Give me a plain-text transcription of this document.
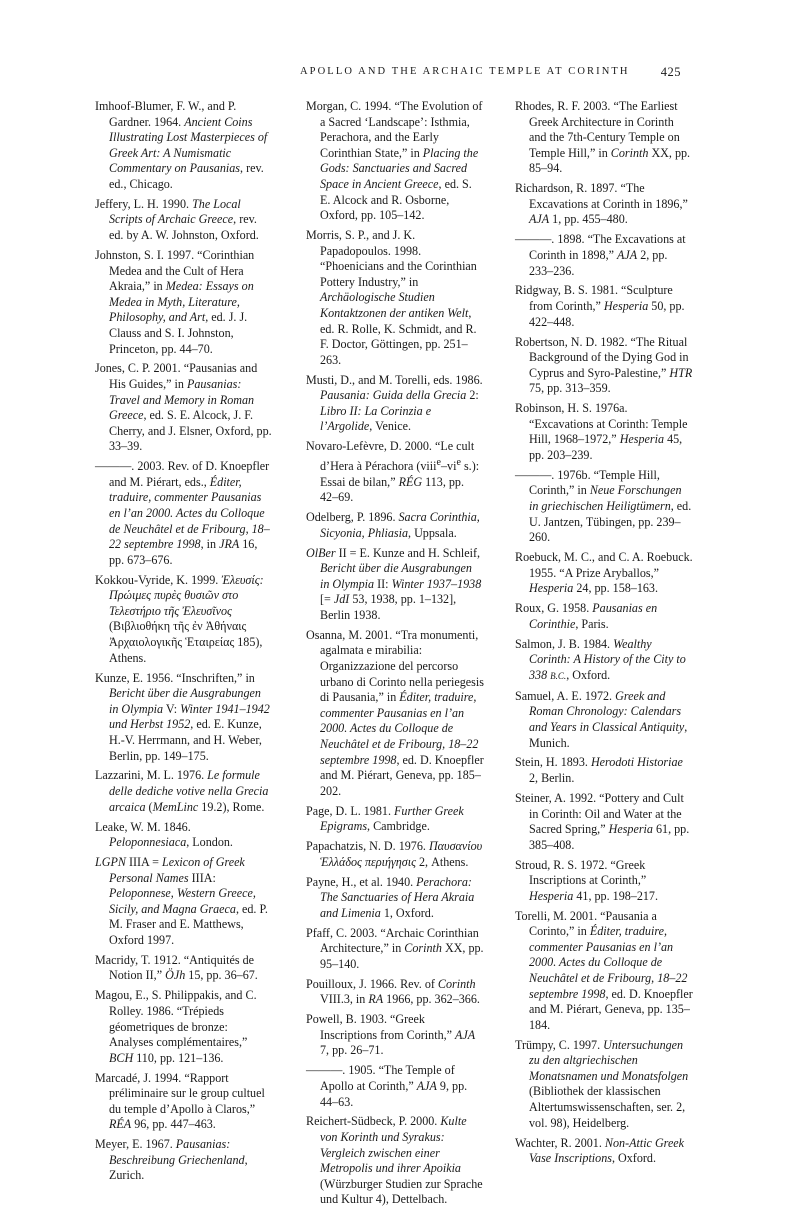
APOLLO AND THE ARCHAIC TEMPLE AT CORINTH 425

Imhoof-Blumer, F. W., and P. Gardner. 1964. Ancient Coins Illustrating Lost Masterpieces of Greek Art: A Numismatic Commentary on Pausanias, rev. ed., Chicago.

Jeffery, L. H. 1990. The Local Scripts of Archaic Greece, rev. ed. by A. W. Johnston, Oxford.

Johnston, S. I. 1997. “Corinthian Medea and the Cult of Hera Akraia,” in Medea: Essays on Medea in Myth, Literature, Philosophy, and Art, ed. J. J. Clauss and S. I. Johnston, Princeton, pp. 44–70.

Jones, C. P. 2001. “Pausanias and His Guides,” in Pausanias: Travel and Memory in Roman Greece, ed. S. E. Alcock, J. F. Cherry, and J. Elsner, Oxford, pp. 33–39.

———. 2003. Rev. of D. Knoepfler and M. Piérart, eds., Éditer, traduire, commenter Pausanias en l’an 2000. Actes du Colloque de Neuchâtel et de Fribourg, 18–22 septembre 1998, in JRA 16, pp. 673–676.

Kokkou-Vyride, K. 1999. Ἐλευσίς: Πρώιμες πυρὲς θυσιῶν στο Τελεστήριο τῆς Ἐλευσῖνος (Βιβλιοθήκη τῆς ἐν Ἀθήναις Ἀρχαιολογικῆς Ἑταιρείας 185), Athens.

Kunze, E. 1956. “Inschriften,” in Bericht über die Ausgrabungen in Olympia V: Winter 1941–1942 und Herbst 1952, ed. E. Kunze, H.-V. Herrmann, and H. Weber, Berlin, pp. 149–175.

Lazzarini, M. L. 1976. Le formule delle dediche votive nella Grecia arcaica (MemLinc 19.2), Rome.

Leake, W. M. 1846. Peloponnesiaca, London.

LGPN IIIA = Lexicon of Greek Personal Names IIIA: Peloponnese, Western Greece, Sicily, and Magna Graeca, ed. P. M. Fraser and E. Matthews, Oxford 1997.

Macridy, T. 1912. “Antiquités de Notion II,” ÖJh 15, pp. 36–67.

Magou, E., S. Philippakis, and C. Rolley. 1986. “Trépieds géometriques de bronze: Analyses complémentaires,” BCH 110, pp. 121–136.

Marcadé, J. 1994. “Rapport préliminaire sur le group cultuel du temple d’Apollo à Claros,” RÉA 96, pp. 447–463.

Meyer, E. 1967. Pausanias: Beschreibung Griechenland, Zurich.

Morgan, C. 1994. “The Evolution of a Sacred ‘Landscape’: Isthmia, Perachora, and the Early Corinthian State,” in Placing the Gods: Sanctuaries and Sacred Space in Ancient Greece, ed. S. E. Alcock and R. Osborne, Oxford, pp. 105–142.

Morris, S. P., and J. K. Papadopoulos. 1998. “Phoenicians and the Corinthian Pottery Industry,” in Archäologische Studien Kontaktzonen der antiken Welt, ed. R. Rolle, K. Schmidt, and R. F. Doctor, Göttingen, pp. 251–263.

Musti, D., and M. Torelli, eds. 1986. Pausania: Guida della Grecia 2: Libro II: La Corinzia e l’Argolide, Venice.

Novaro-Lefèvre, D. 2000. “Le cult d’Hera à Pérachora ($viii^e-vi^e$ s.): Essai de bilan,” RÉG 113, pp. 42–69.

Odelberg, P. 1896. Sacra Corinthia, Sicyonia, Phliasia, Uppsala.

OlBer II = E. Kunze and H. Schleif, Bericht über die Ausgrabungen in Olympia II: Winter 1937–1938 [= JdI 53, 1938, pp. 1–132], Berlin 1938.

Osanna, M. 2001. “Tra monumenti, agalmata e mirabilia: Organizzazione del percorso urbano di Corinto nella periegesis di Pausania,” in Éditer, traduire, commenter Pausanias en l’an 2000. Actes du Colloque de Neuchâtel et de Fribourg, 18–22 septembre 1998, ed. D. Knoepfler and M. Piérart, Geneva, pp. 185–202.

Page, D. L. 1981. Further Greek Epigrams, Cambridge.

Papachatzis, N. D. 1976. Παυσανίου Ἑλλάδος περιήγησις 2, Athens.

Payne, H., et al. 1940. Perachora: The Sanctuaries of Hera Akraia and Limenia 1, Oxford.

Pfaff, C. 2003. “Archaic Corinthian Architecture,” in Corinth XX, pp. 95–140.

Pouilloux, J. 1966. Rev. of Corinth VIII.3, in RA 1966, pp. 362–366.

Powell, B. 1903. “Greek Inscriptions from Corinth,” AJA 7, pp. 26–71.

———. 1905. “The Temple of Apollo at Corinth,” AJA 9, pp. 44–63.

Reichert-Südbeck, P. 2000. Kulte von Korinth und Syrakus: Vergleich zwischen einer Metropolis und ihrer Apoikia (Würzburger Studien zur Sprache und Kultur 4), Dettelbach.

Rhodes, R. F. 2003. “The Earliest Greek Architecture in Corinth and the 7th-Century Temple on Temple Hill,” in Corinth XX, pp. 85–94.

Richardson, R. 1897. “The Excavations at Corinth in 1896,” AJA 1, pp. 455–480.

———. 1898. “The Excavations at Corinth in 1898,” AJA 2, pp. 233–236.

Ridgway, B. S. 1981. “Sculpture from Corinth,” Hesperia 50, pp. 422–448.

Robertson, N. D. 1982. “The Ritual Background of the Dying God in Cyprus and Syro-Palestine,” HTR 75, pp. 313–359.

Robinson, H. S. 1976a. “Excavations at Corinth: Temple Hill, 1968–1972,” Hesperia 45, pp. 203–239.

———. 1976b. “Temple Hill, Corinth,” in Neue Forschungen in griechischen Heiligtümern, ed. U. Jantzen, Tübingen, pp. 239–260.

Roebuck, M. C., and C. A. Roebuck. 1955. “A Prize Aryballos,” Hesperia 24, pp. 158–163.

Roux, G. 1958. Pausanias en Corinthie, Paris.

Salmon, J. B. 1984. Wealthy Corinth: A History of the City to 338 B.C., Oxford.

Samuel, A. E. 1972. Greek and Roman Chronology: Calendars and Years in Classical Antiquity, Munich.

Stein, H. 1893. Herodoti Historiae 2, Berlin.

Steiner, A. 1992. “Pottery and Cult in Corinth: Oil and Water at the Sacred Spring,” Hesperia 61, pp. 385–408.

Stroud, R. S. 1972. “Greek Inscriptions at Corinth,” Hesperia 41, pp. 198–217.

Torelli, M. 2001. “Pausania a Corinto,” in Éditer, traduire, commenter Pausanias en l’an 2000. Actes du Colloque de Neuchâtel et de Fribourg, 18–22 septembre 1998, ed. D. Knoepfler and M. Piérart, Geneva, pp. 135–184.

Trümpy, C. 1997. Untersuchungen zu den altgriechischen Monatsnamen und Monatsfolgen (Bibliothek der klassischen Altertumswissenschaften, ser. 2, vol. 98), Heidelberg.

Wachter, R. 2001. Non-Attic Greek Vase Inscriptions, Oxford.
